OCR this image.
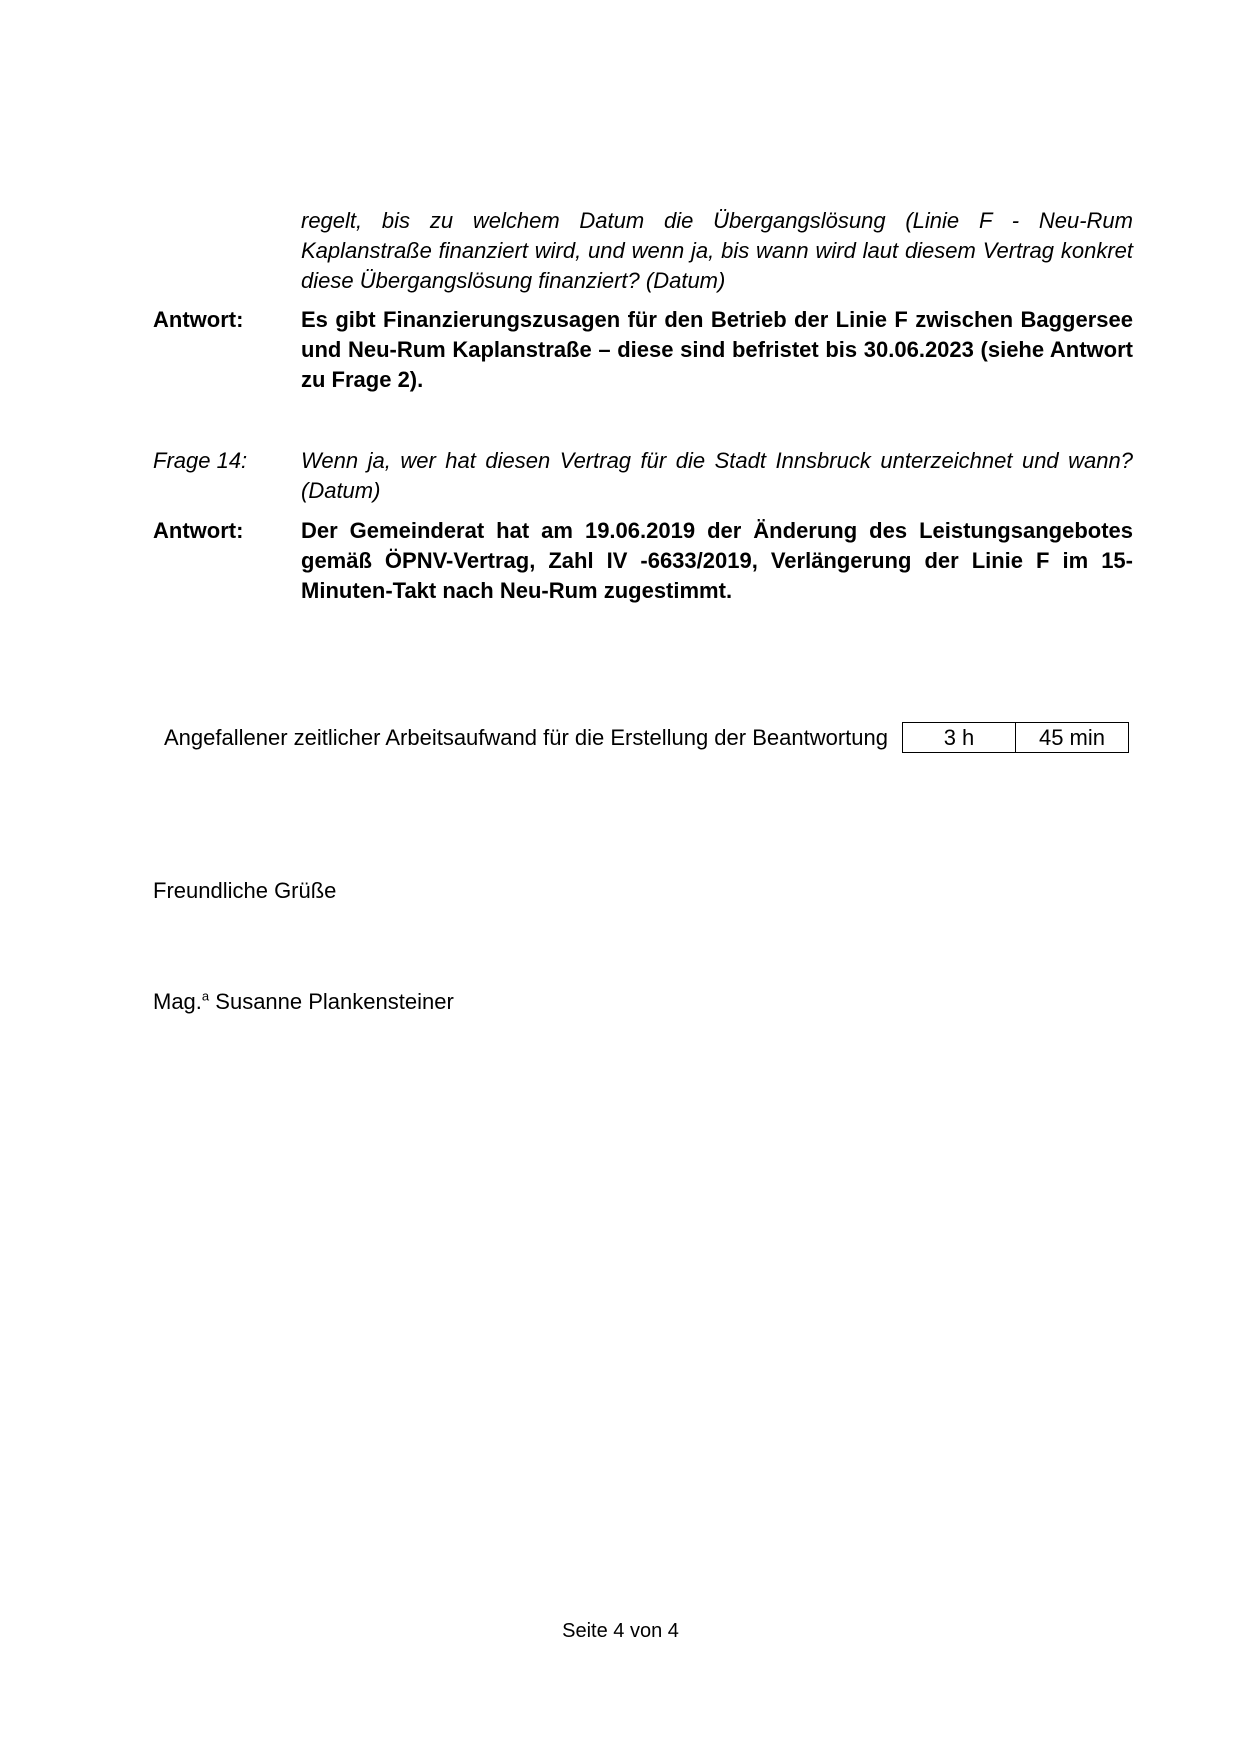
regelt, bis zu welchem Datum die Übergangslösung (Linie F - Neu-Rum Kaplanstraße finanziert wird, und wenn ja, bis wann wird laut diesem Vertrag konkret diese Übergangslösung finanziert? (Datum)
Antwort:	Es gibt Finanzierungszusagen für den Betrieb der Linie F zwischen Baggersee und Neu-Rum Kaplanstraße – diese sind befristet bis 30.06.2023 (siehe Antwort zu Frage 2).
Frage 14:	Wenn ja, wer hat diesen Vertrag für die Stadt Innsbruck unterzeichnet und wann? (Datum)
Antwort:	Der Gemeinderat hat am 19.06.2019 der Änderung des Leistungsangebotes gemäß ÖPNV-Vertrag, Zahl IV -6633/2019, Verlängerung der Linie F im 15-Minuten-Takt nach Neu-Rum zugestimmt.
Angefallener zeitlicher Arbeitsaufwand für die Erstellung der Beantwortung	3 h	45 min
Freundliche Grüße
Mag.$^a$ Susanne Plankensteiner
Seite 4 von 4
